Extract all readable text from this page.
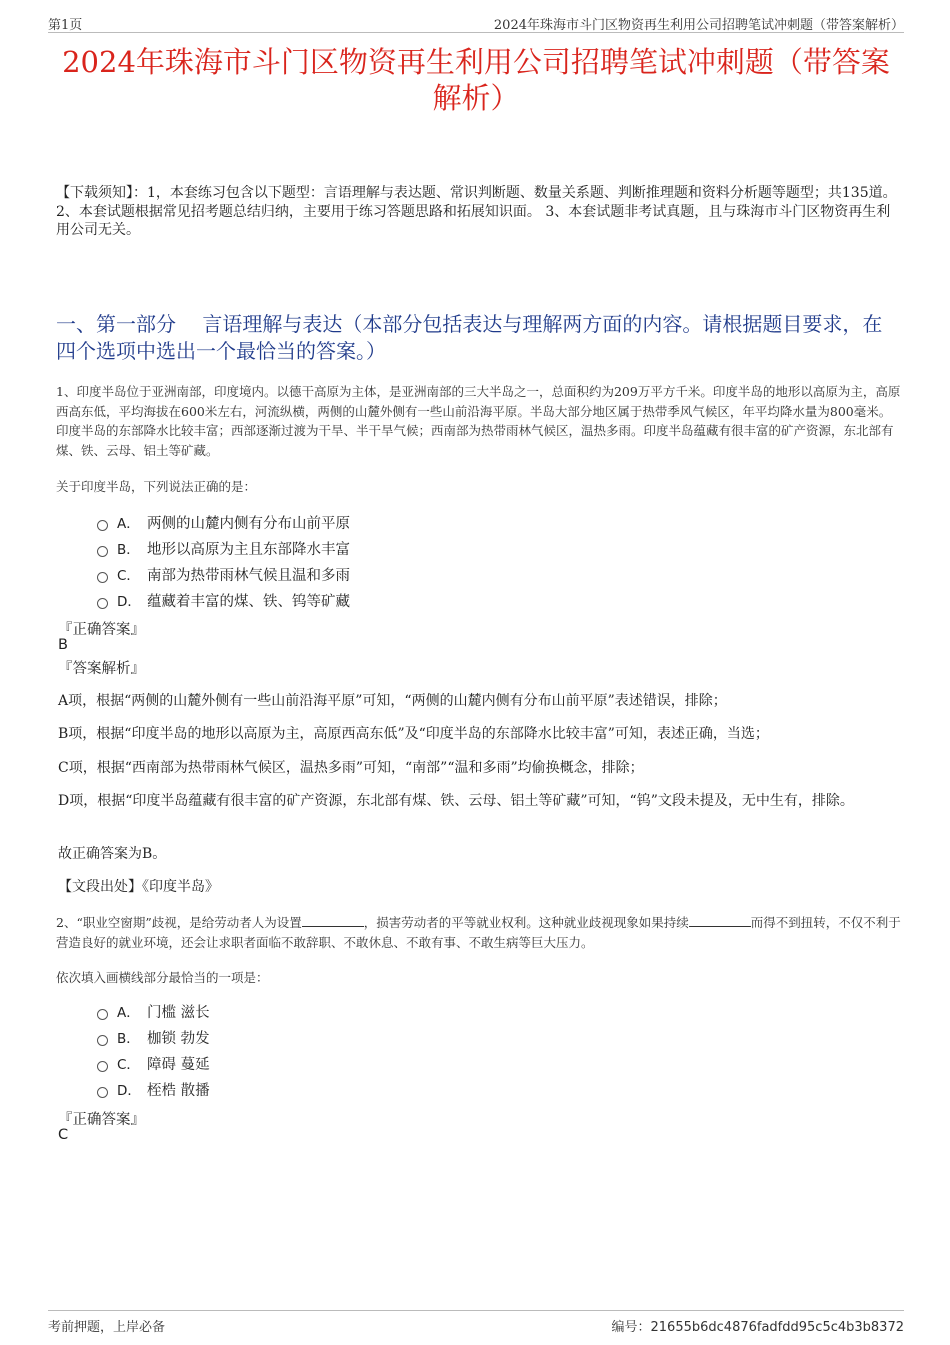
第1页	2024年珠海市斗门区物资再生利用公司招聘笔试冲刺题（带答案解析）
2024年珠海市斗门区物资再生利用公司招聘笔试冲刺题（带答案解析）
【下载须知】：1，本套练习包含以下题型：言语理解与表达题、常识判断题、数量关系题、判断推理题和资料分析题等题型；共135道。 2、本套试题根据常见招考题总结归纳，主要用于练习答题思路和拓展知识面。 3、本套试题非考试真题，且与珠海市斗门区物资再生利用公司无关。
一、第一部分　 言语理解与表达（本部分包括表达与理解两方面的内容。请根据题目要求，在四个选项中选出一个最恰当的答案。）
1、印度半岛位于亚洲南部，印度境内。以德干高原为主体，是亚洲南部的三大半岛之一，总面积约为209万平方千米。印度半岛的地形以高原为主，高原西高东低，平均海拔在600米左右，河流纵横，两侧的山麓外侧有一些山前沿海平原。半岛大部分地区属于热带季风气候区，年平均降水量为800毫米。印度半岛的东部降水比较丰富；西部逐渐过渡为干旱、半干旱气候；西南部为热带雨林气候区，温热多雨。印度半岛蕴藏有很丰富的矿产资源，东北部有煤、铁、云母、铝土等矿藏。
关于印度半岛，下列说法正确的是：
A． 两侧的山麓内侧有分布山前平原
B． 地形以高原为主且东部降水丰富
C． 南部为热带雨林气候且温和多雨
D． 蕴藏着丰富的煤、铁、钨等矿藏
『正确答案』
B
『答案解析』
A项，根据“两侧的山麓外侧有一些山前沿海平原”可知，“两侧的山麓内侧有分布山前平原”表述错误，排除；
B项，根据“印度半岛的地形以高原为主，高原西高东低”及“印度半岛的东部降水比较丰富”可知，表述正确，当选；
C项，根据“西南部为热带雨林气候区，温热多雨”可知，“南部”“温和多雨”均偷换概念，排除；
D项，根据“印度半岛蕴藏有很丰富的矿产资源，东北部有煤、铁、云母、铝土等矿藏”可知，“钨”文段未提及，无中生有，排除。
故正确答案为B。
【文段出处】《印度半岛》
2、“职业空窗期”歧视，是给劳动者人为设置	，损害劳动者的平等就业权利。这种就业歧视现象如果持续	而得不到扭转，不仅不利于营造良好的就业环境，还会让求职者面临不敢辞职、不敢休息、不敢有事、不敢生病等巨大压力。
依次填入画横线部分最恰当的一项是：
A． 门槛 滋长
B． 枷锁 勃发
C． 障碍 蔓延
D． 桎梏 散播
『正确答案』
C
考前押题，上岸必备	编号：21655b6dc4876fadfdd95c5c4b3b8372
